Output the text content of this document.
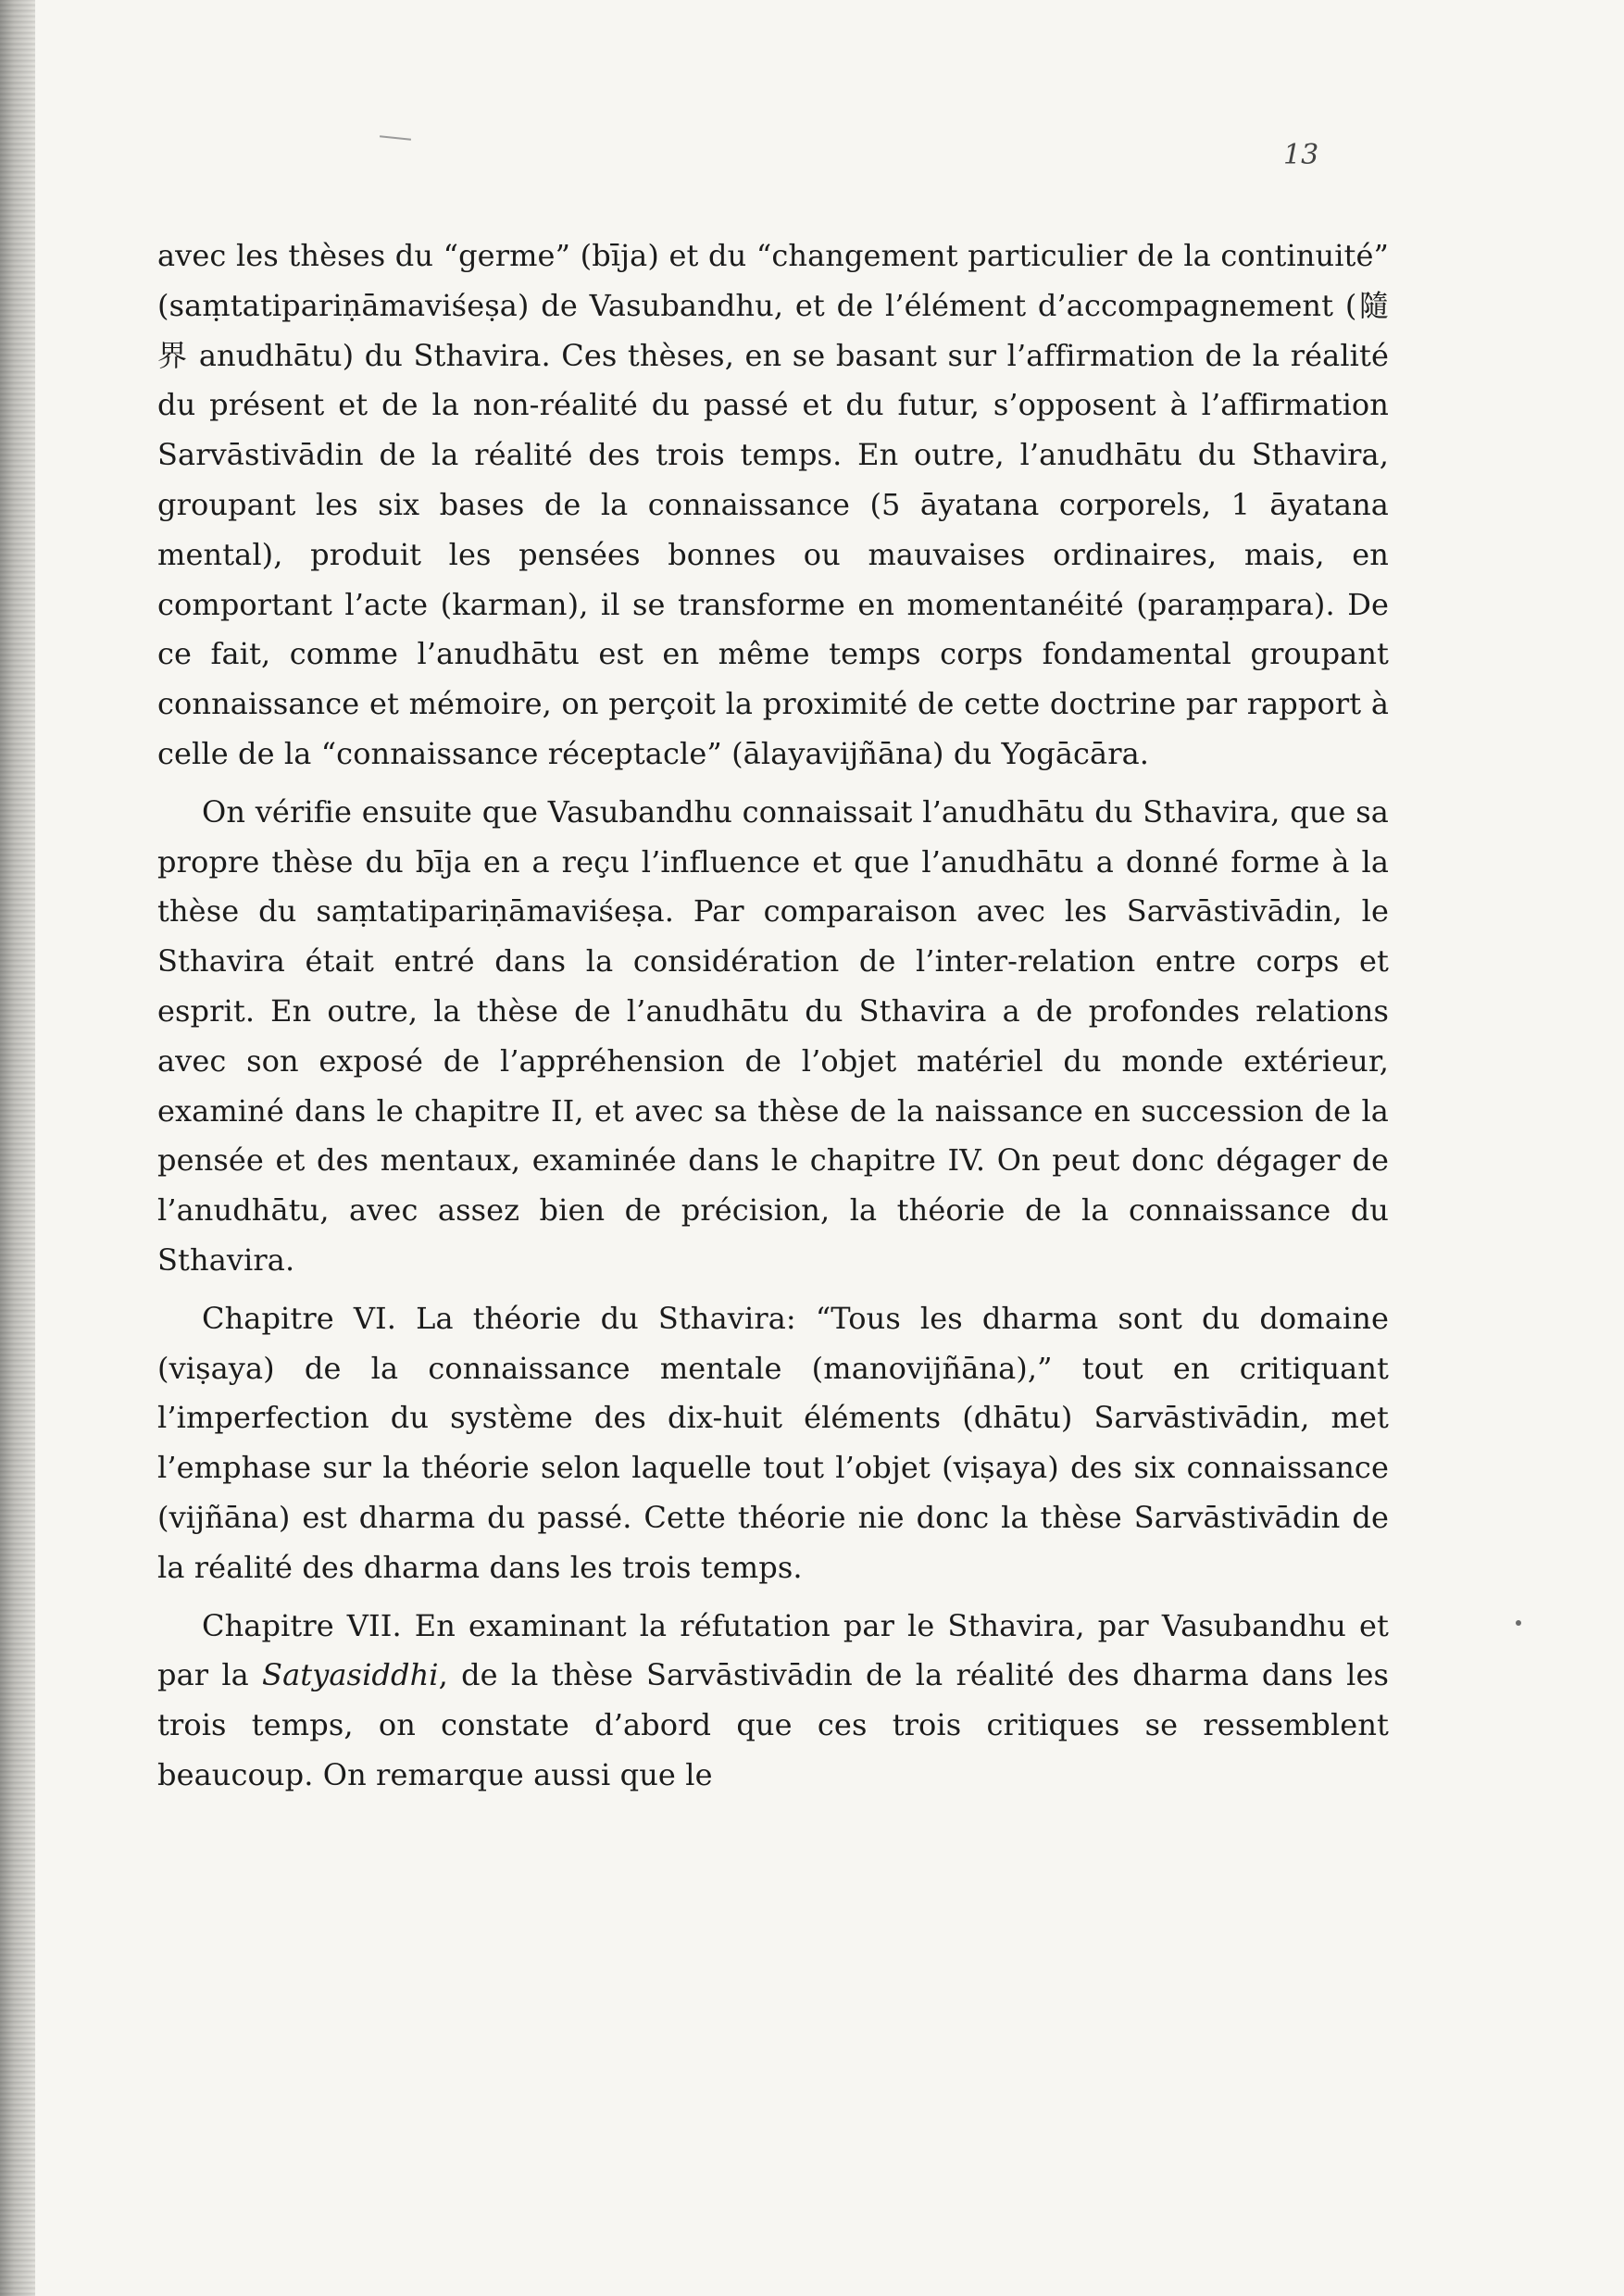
13

avec les thèses du “germe” (bīja) et du “changement particulier de la continuité” (saṃtatipariṇāmaviśeṣa) de Vasubandhu, et de l’élément d’accompagnement (隨界 anudhātu) du Sthavira. Ces thèses, en se basant sur l’affirmation de la réalité du présent et de la non-réalité du passé et du futur, s’opposent à l’affirmation Sarvāstivādin de la réalité des trois temps. En outre, l’anudhātu du Sthavira, groupant les six bases de la connaissance (5 āyatana corporels, 1 āyatana mental), produit les pensées bonnes ou mauvaises ordinaires, mais, en comportant l’acte (karman), il se transforme en momentanéité (paraṃpara). De ce fait, comme l’anudhātu est en même temps corps fondamental groupant connaissance et mémoire, on perçoit la proximité de cette doctrine par rapport à celle de la “connaissance réceptacle” (ālayavijñāna) du Yogācāra.

On vérifie ensuite que Vasubandhu connaissait l’anudhātu du Sthavira, que sa propre thèse du bīja en a reçu l’influence et que l’anudhātu a donné forme à la thèse du saṃtatipariṇāmaviśeṣa. Par comparaison avec les Sarvāstivādin, le Sthavira était entré dans la considération de l’inter-relation entre corps et esprit. En outre, la thèse de l’anudhātu du Sthavira a de profondes relations avec son exposé de l’appréhension de l’objet matériel du monde extérieur, examiné dans le chapitre II, et avec sa thèse de la naissance en succession de la pensée et des mentaux, examinée dans le chapitre IV. On peut donc dégager de l’anudhātu, avec assez bien de précision, la théorie de la connaissance du Sthavira.

Chapitre VI. La théorie du Sthavira: “Tous les dharma sont du domaine (viṣaya) de la connaissance mentale (manovijñāna),” tout en critiquant l’imperfection du système des dix-huit éléments (dhātu) Sarvāstivādin, met l’emphase sur la théorie selon laquelle tout l’objet (viṣaya) des six connaissance (vijñāna) est dharma du passé. Cette théorie nie donc la thèse Sarvāstivādin de la réalité des dharma dans les trois temps.

Chapitre VII. En examinant la réfutation par le Sthavira, par Vasubandhu et par la Satyasiddhi, de la thèse Sarvāstivādin de la réalité des dharma dans les trois temps, on constate d’abord que ces trois critiques se ressemblent beaucoup. On remarque aussi que le
